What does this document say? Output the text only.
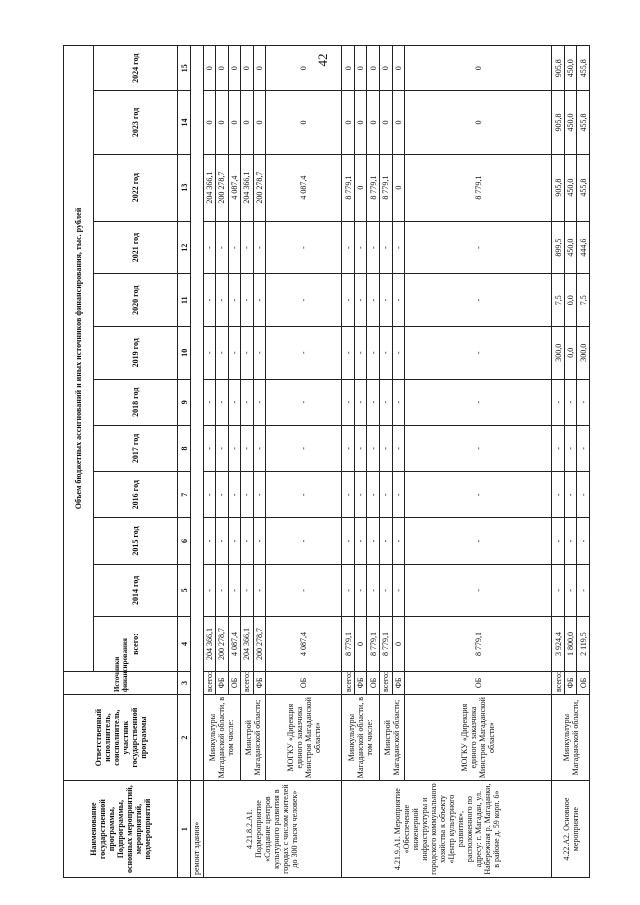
42
Наименование государственной программы, Подпрограммы, основных мероприятий, мероприятий, подмероприятий	Ответственный исполнитель, соисполнитель, участник государственной программы	Источники финансирования	Объем бюджетных ассигнований и иных источников финансирования, тыс. рублей											
			всего:	2014 год	2015 год	2016 год	2017 год	2018 год	2019 год	2020 год	2021 год	2022 год	2023 год	2024 год
1	2	3	4	5	6	7	8	9	10	11	12	13	14	15
ремонт здания»														
4.21.8.2.А1. Подмероприятие «Создание центров культурного развития в городах с числом жителей до 300 тысяч человек»	Минкультуры Магаданской области, в том числе:	всего:	204 366,1	-	-	-	-	-	-	-	-	204 366,1	0	0
		ФБ	200 278,7	-	-	-	-	-	-	-	-	200 278,7	0	0
		ОБ	4 087,4	-	-	-	-	-	-	-	-	4 087,4	0	0
	Минстрой Магаданской области;	всего:	204 366,1	-	-	-	-	-	-	-	-	204 366,1	0	0
		ФБ	200 278,7	-	-	-	-	-	-	-	-	200 278,7	0	0
	МОГКУ «Дирекция единого заказчика Минстроя Магаданской области»	ОБ	4 087,4	-	-	-	-	-	-	-	-	4 087,4	0	0

4.21.9.А1. Мероприятие «Обеспечение инженерной инфраструктуры и городского коммунального хозяйства к объекту «Центр культурного развития», расположенного по адресу: г. Магадан, ул. Набережная р. Магаданки, в районе д. 59 корп. 6»	Минкультуры Магаданской области, в том числе:	всего:	8 779,1	-	-	-	-	-	-	-	-	8 779,1	0	0
		ФБ	0	-	-	-	-	-	-	-	-	0	0	0
		ОБ	8 779,1	-	-	-	-	-	-	-	-	8 779,1	0	0
	Минстрой Магаданской области;	всего:	8 779,1	-	-	-	-	-	-	-	-	8 779,1	0	0
		ФБ	0	-	-	-	-	-	-	-	-	0	0	0
	МОГКУ «Дирекция единого заказчика Минстроя Магаданской области»	ОБ	8 779,1	-	-	-	-	-	-	-	-	8 779,1	0	0

4.22.А2. Основное мероприятие	Минкультуры Магаданской области,	всего:	3 924,4	-	-	-	-	-	300,0	7,5	899,5	905,8	905,8	905,8
		ФБ	1 800,0	-	-	-	-	-	0,0	0,0	450,0	450,0	450,0	450,0
		ОБ	2 119,5	-	-	-	-	-	300,0	7,5	444,6	455,8	455,8	455,8
